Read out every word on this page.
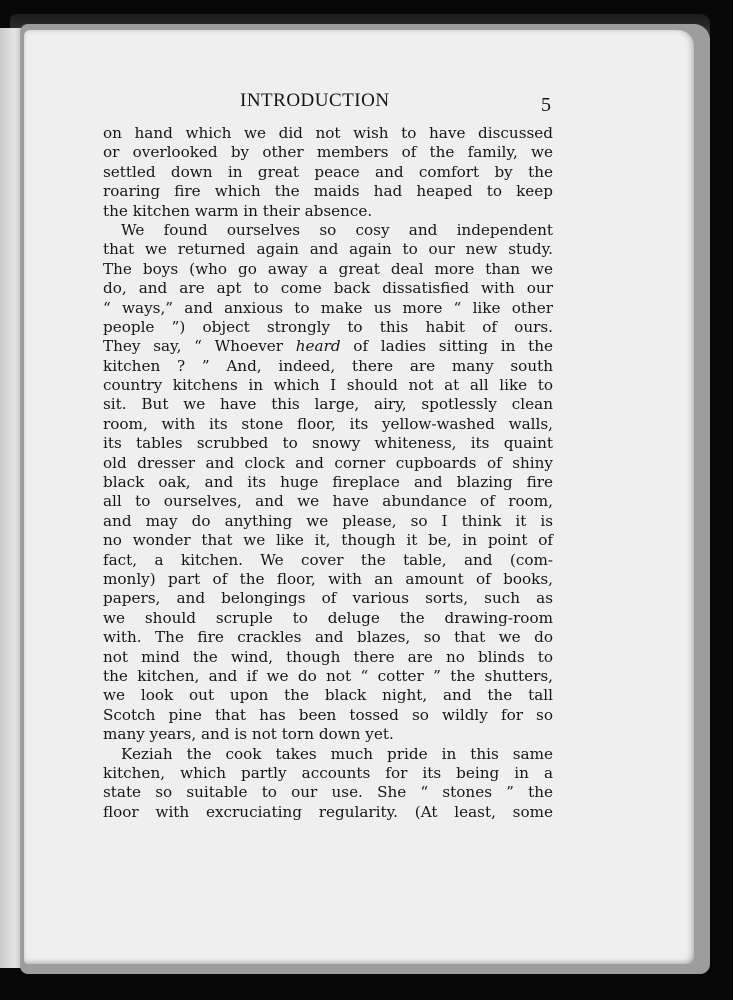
INTRODUCTION	5
on hand which we did not wish to have discussed
or overlooked by other members of the family, we
settled down in great peace and comfort by the
roaring fire which the maids had heaped to keep
the kitchen warm in their absence.
We found ourselves so cosy and independent
that we returned again and again to our new study.
The boys (who go away a great deal more than we
do, and are apt to come back dissatisfied with our
“ ways,” and anxious to make us more “ like other
people ”) object strongly to this habit of ours.
They say, “ Whoever heard of ladies sitting in the
kitchen ? ” And, indeed, there are many south
country kitchens in which I should not at all like to
sit. But we have this large, airy, spotlessly clean
room, with its stone floor, its yellow-washed walls,
its tables scrubbed to snowy whiteness, its quaint
old dresser and clock and corner cupboards of shiny
black oak, and its huge fireplace and blazing fire
all to ourselves, and we have abundance of room,
and may do anything we please, so I think it is
no wonder that we like it, though it be, in point of
fact, a kitchen. We cover the table, and (com-
monly) part of the floor, with an amount of books,
papers, and belongings of various sorts, such as
we should scruple to deluge the drawing-room
with. The fire crackles and blazes, so that we do
not mind the wind, though there are no blinds to
the kitchen, and if we do not “ cotter ” the shutters,
we look out upon the black night, and the tall
Scotch pine that has been tossed so wildly for so
many years, and is not torn down yet.
Keziah the cook takes much pride in this same
kitchen, which partly accounts for its being in a
state so suitable to our use. She “ stones ” the
floor with excruciating regularity. (At least, some
